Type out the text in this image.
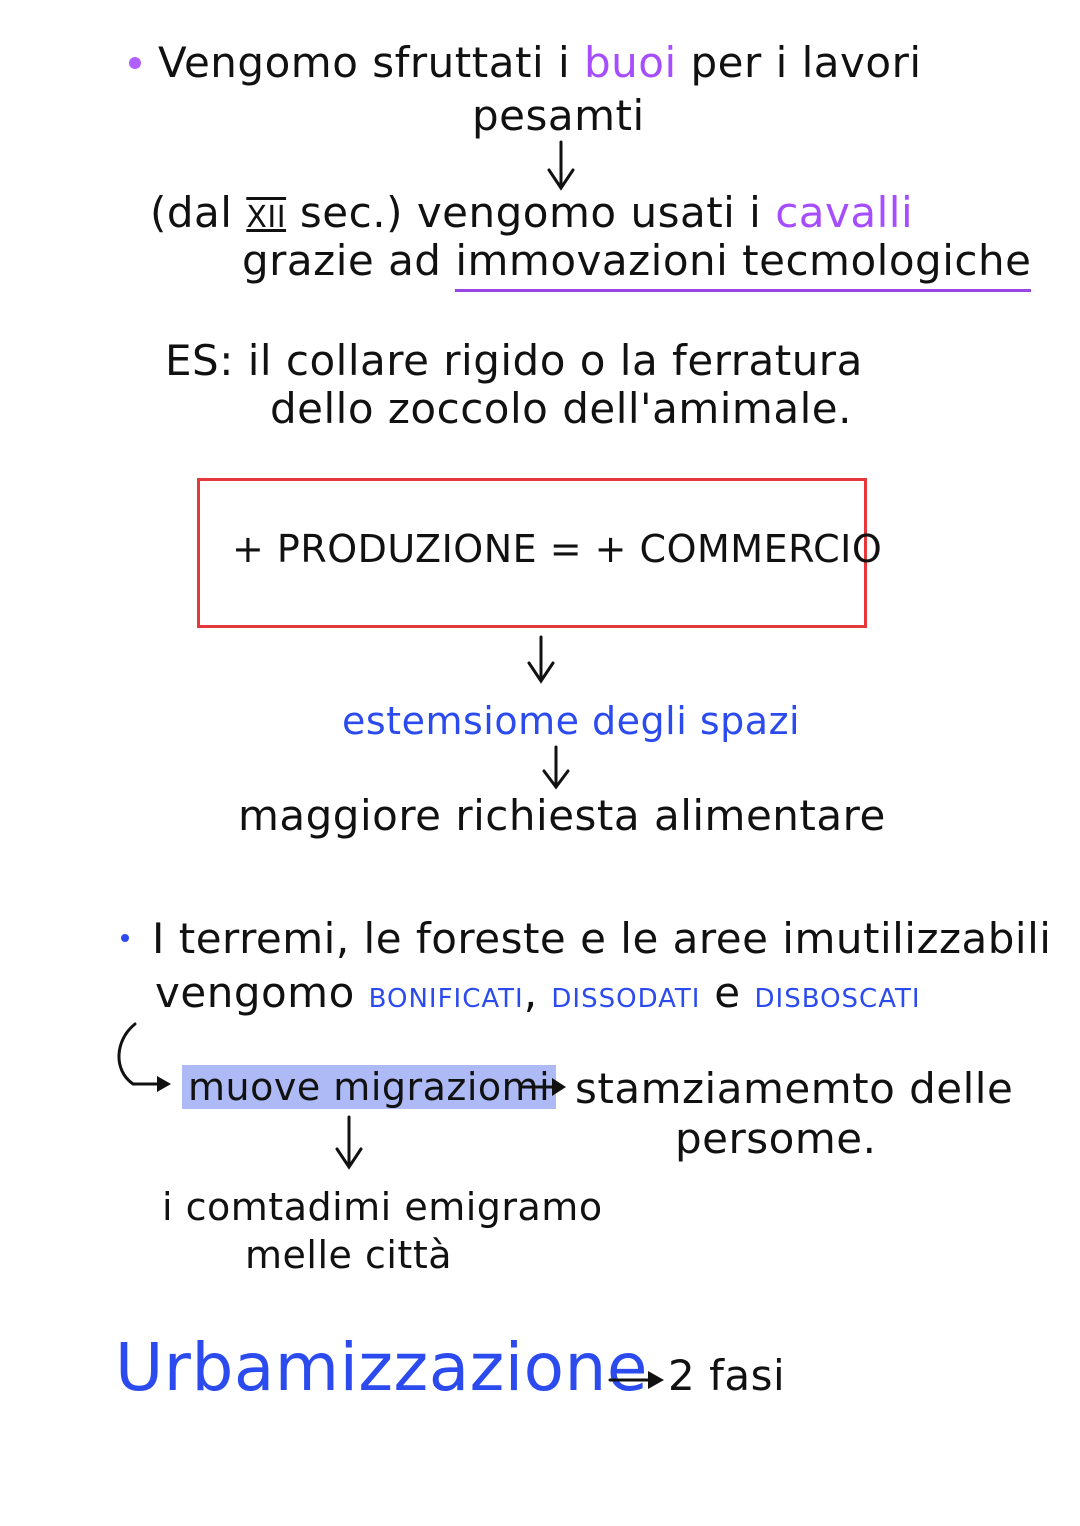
Vengomo sfruttati i buoi per i lavori
pesamti
(dal XII sec.) vengomo usati i cavalli
grazie ad immovazioni tecmologiche
ES: il collare rigido o la ferratura
dello zoccolo dell'amimale.
+ PRODUZIONE = + COMMERCIO
estemsiome degli spazi
maggiore richiesta alimentare
I terremi, le foreste e le aree imutilizzabili
vengomo BONIFICATI, DISSODATI e DISBOSCATI
muove migraziomi stamziamemto delle
persome.
i comtadimi emigramo
melle città
Urbamizzazione 2 fasi
